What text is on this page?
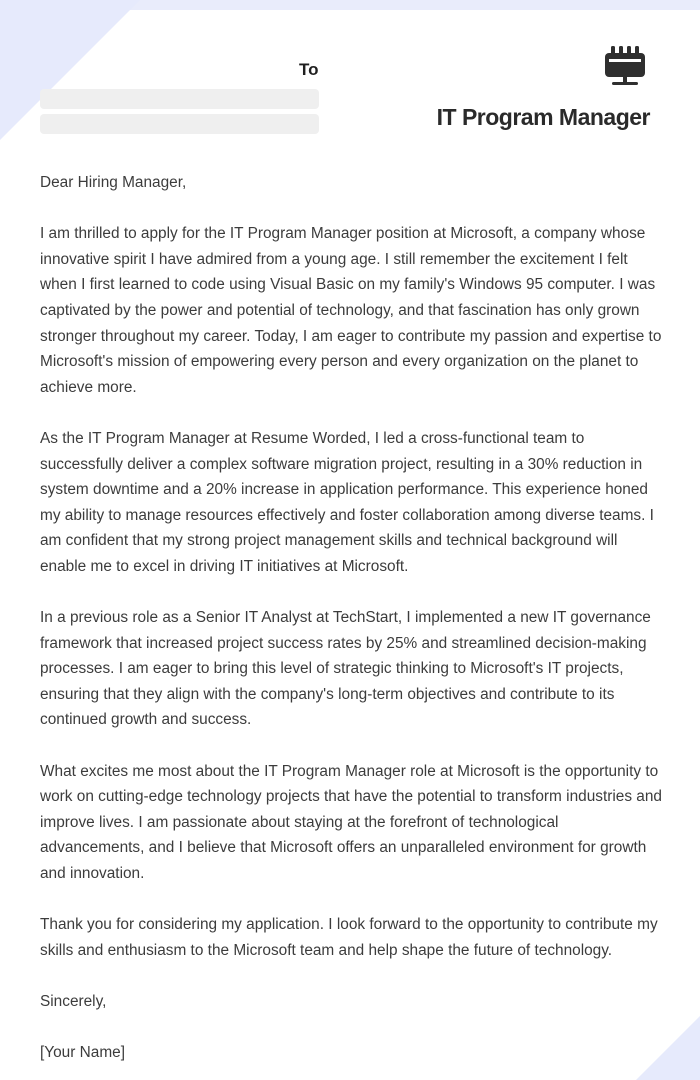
To
IT Program Manager

Dear Hiring Manager,

I am thrilled to apply for the IT Program Manager position at Microsoft, a company whose innovative spirit I have admired from a young age. I still remember the excitement I felt when I first learned to code using Visual Basic on my family's Windows 95 computer. I was captivated by the power and potential of technology, and that fascination has only grown stronger throughout my career. Today, I am eager to contribute my passion and expertise to Microsoft's mission of empowering every person and every organization on the planet to achieve more.

As the IT Program Manager at Resume Worded, I led a cross-functional team to successfully deliver a complex software migration project, resulting in a 30% reduction in system downtime and a 20% increase in application performance. This experience honed my ability to manage resources effectively and foster collaboration among diverse teams. I am confident that my strong project management skills and technical background will enable me to excel in driving IT initiatives at Microsoft.

In a previous role as a Senior IT Analyst at TechStart, I implemented a new IT governance framework that increased project success rates by 25% and streamlined decision-making processes. I am eager to bring this level of strategic thinking to Microsoft's IT projects, ensuring that they align with the company's long-term objectives and contribute to its continued growth and success.

What excites me most about the IT Program Manager role at Microsoft is the opportunity to work on cutting-edge technology projects that have the potential to transform industries and improve lives. I am passionate about staying at the forefront of technological advancements, and I believe that Microsoft offers an unparalleled environment for growth and innovation.

Thank you for considering my application. I look forward to the opportunity to contribute my skills and enthusiasm to the Microsoft team and help shape the future of technology.

Sincerely,

[Your Name]
